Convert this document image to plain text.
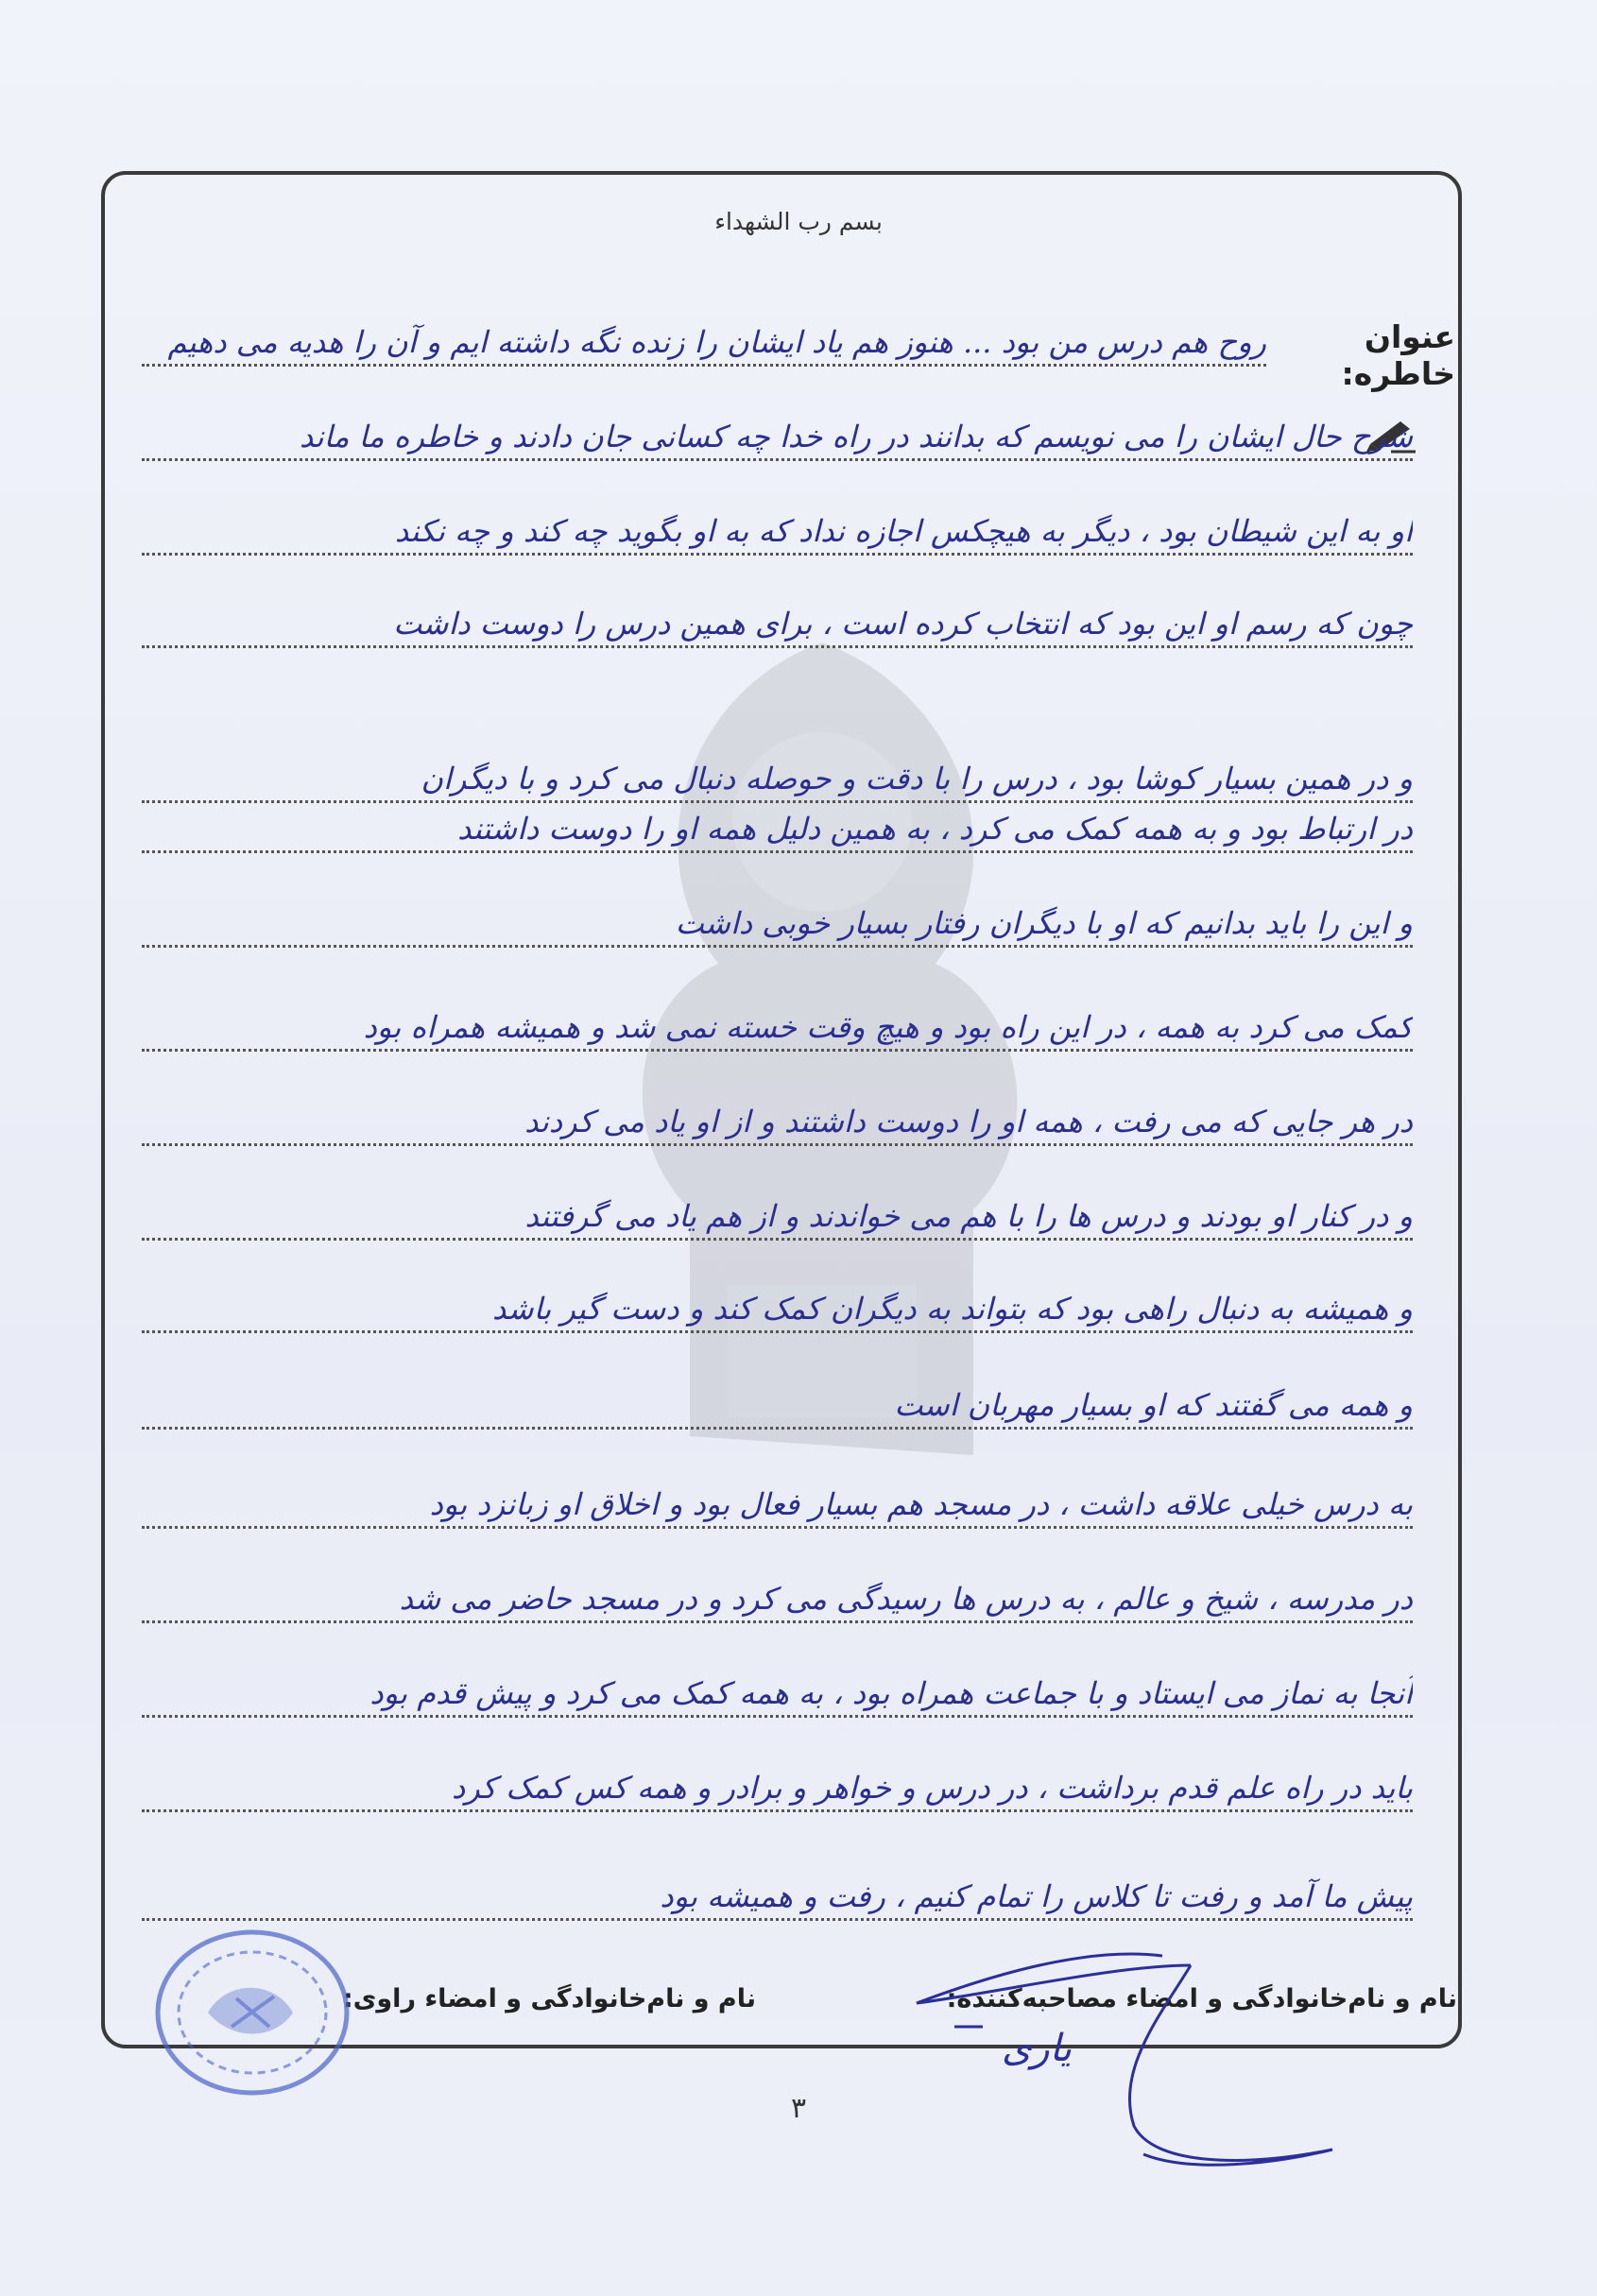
بسم رب الشهداء
عنوان خاطره:
روح هم درس من بود ... هنوز هم یاد ایشان را زنده نگه داشته ایم و آن را هدیه می دهیم
شرح حال ایشان را می نویسم که بدانند در راه خدا چه کسانی جان دادند و خاطره ما ماند
او به این شیطان بود ، دیگر به هیچکس اجازه نداد که به او بگوید چه کند و چه نکند
چون که رسم او این بود که انتخاب کرده است ، برای همین درس را دوست داشت
و در همین بسیار کوشا بود ، درس را با دقت و حوصله دنبال می کرد و با دیگران
در ارتباط بود و به همه کمک می کرد ، به همین دلیل همه او را دوست داشتند
و این را باید بدانیم که او با دیگران رفتار بسیار خوبی داشت
کمک می کرد به همه ، در این راه بود و هیچ وقت خسته نمی شد و همیشه همراه بود
در هر جایی که می رفت ، همه او را دوست داشتند و از او یاد می کردند
و در کنار او بودند و درس ها را با هم می خواندند و از هم یاد می گرفتند
و همیشه به دنبال راهی بود که بتواند به دیگران کمک کند و دست گیر باشد
و همه می گفتند که او بسیار مهربان است
به درس خیلی علاقه داشت ، در مسجد هم بسیار فعال بود و اخلاق او زبانزد بود
در مدرسه ، شیخ و عالم ، به درس ها رسیدگی می کرد و در مسجد حاضر می شد
آنجا به نماز می ایستاد و با جماعت همراه بود ، به همه کمک می کرد و پیش قدم بود
باید در راه علم قدم برداشت ، در درس و خواهر و برادر و همه کس کمک کرد
پیش ما آمد و رفت تا کلاس را تمام کنیم ، رفت و همیشه بود
نام و نام‌خانوادگی و امضاء مصاحبه‌کننده:
نام و نام‌خانوادگی و امضاء راوی:
یاری
۳
